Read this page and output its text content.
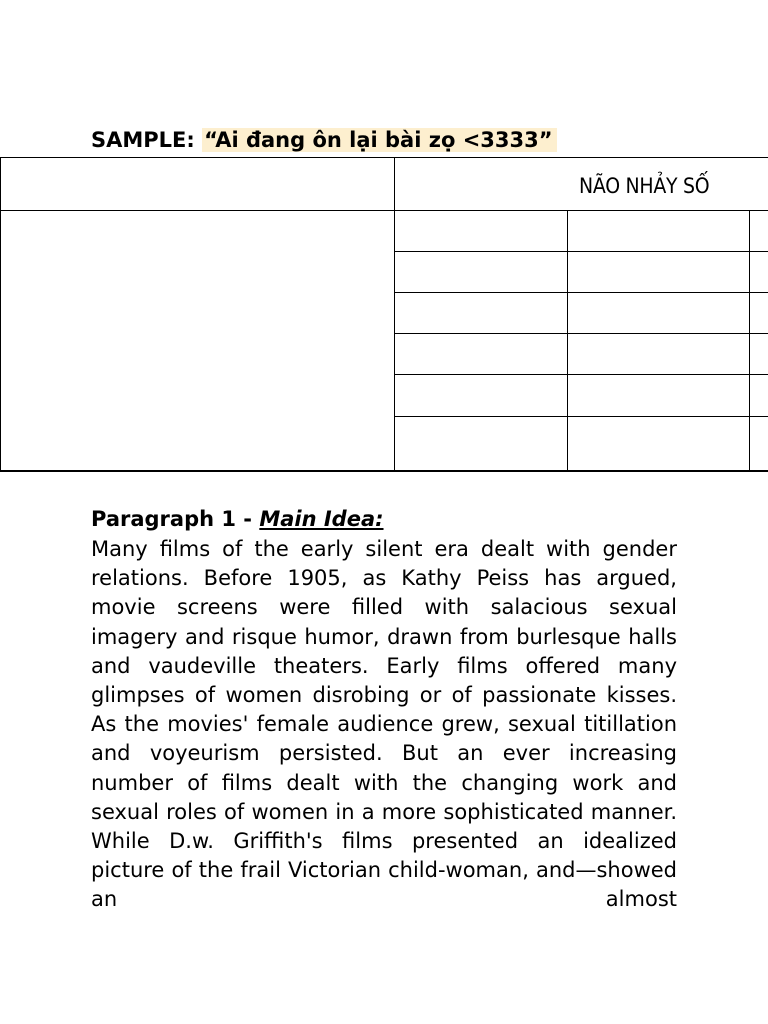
SAMPLE: “Ai đang ôn lại bài zọ <3333”
NÃO NHẢY SỐ
Paragraph 1 - Main Idea:
Many films of the early silent era dealt with gender relations. Before 1905, as Kathy Peiss has argued, movie screens were filled with salacious sexual imagery and risque humor, drawn from burlesque halls and vaudeville theaters. Early films offered many glimpses of women disrobing or of passionate kisses. As the movies' female audience grew, sexual titillation and voyeurism persisted. But an ever increasing number of films dealt with the changing work and sexual roles of women in a more sophisticated manner. While D.w. Griffith's films presented an idealized picture of the frail Victorian child-woman, and—showed an almost
